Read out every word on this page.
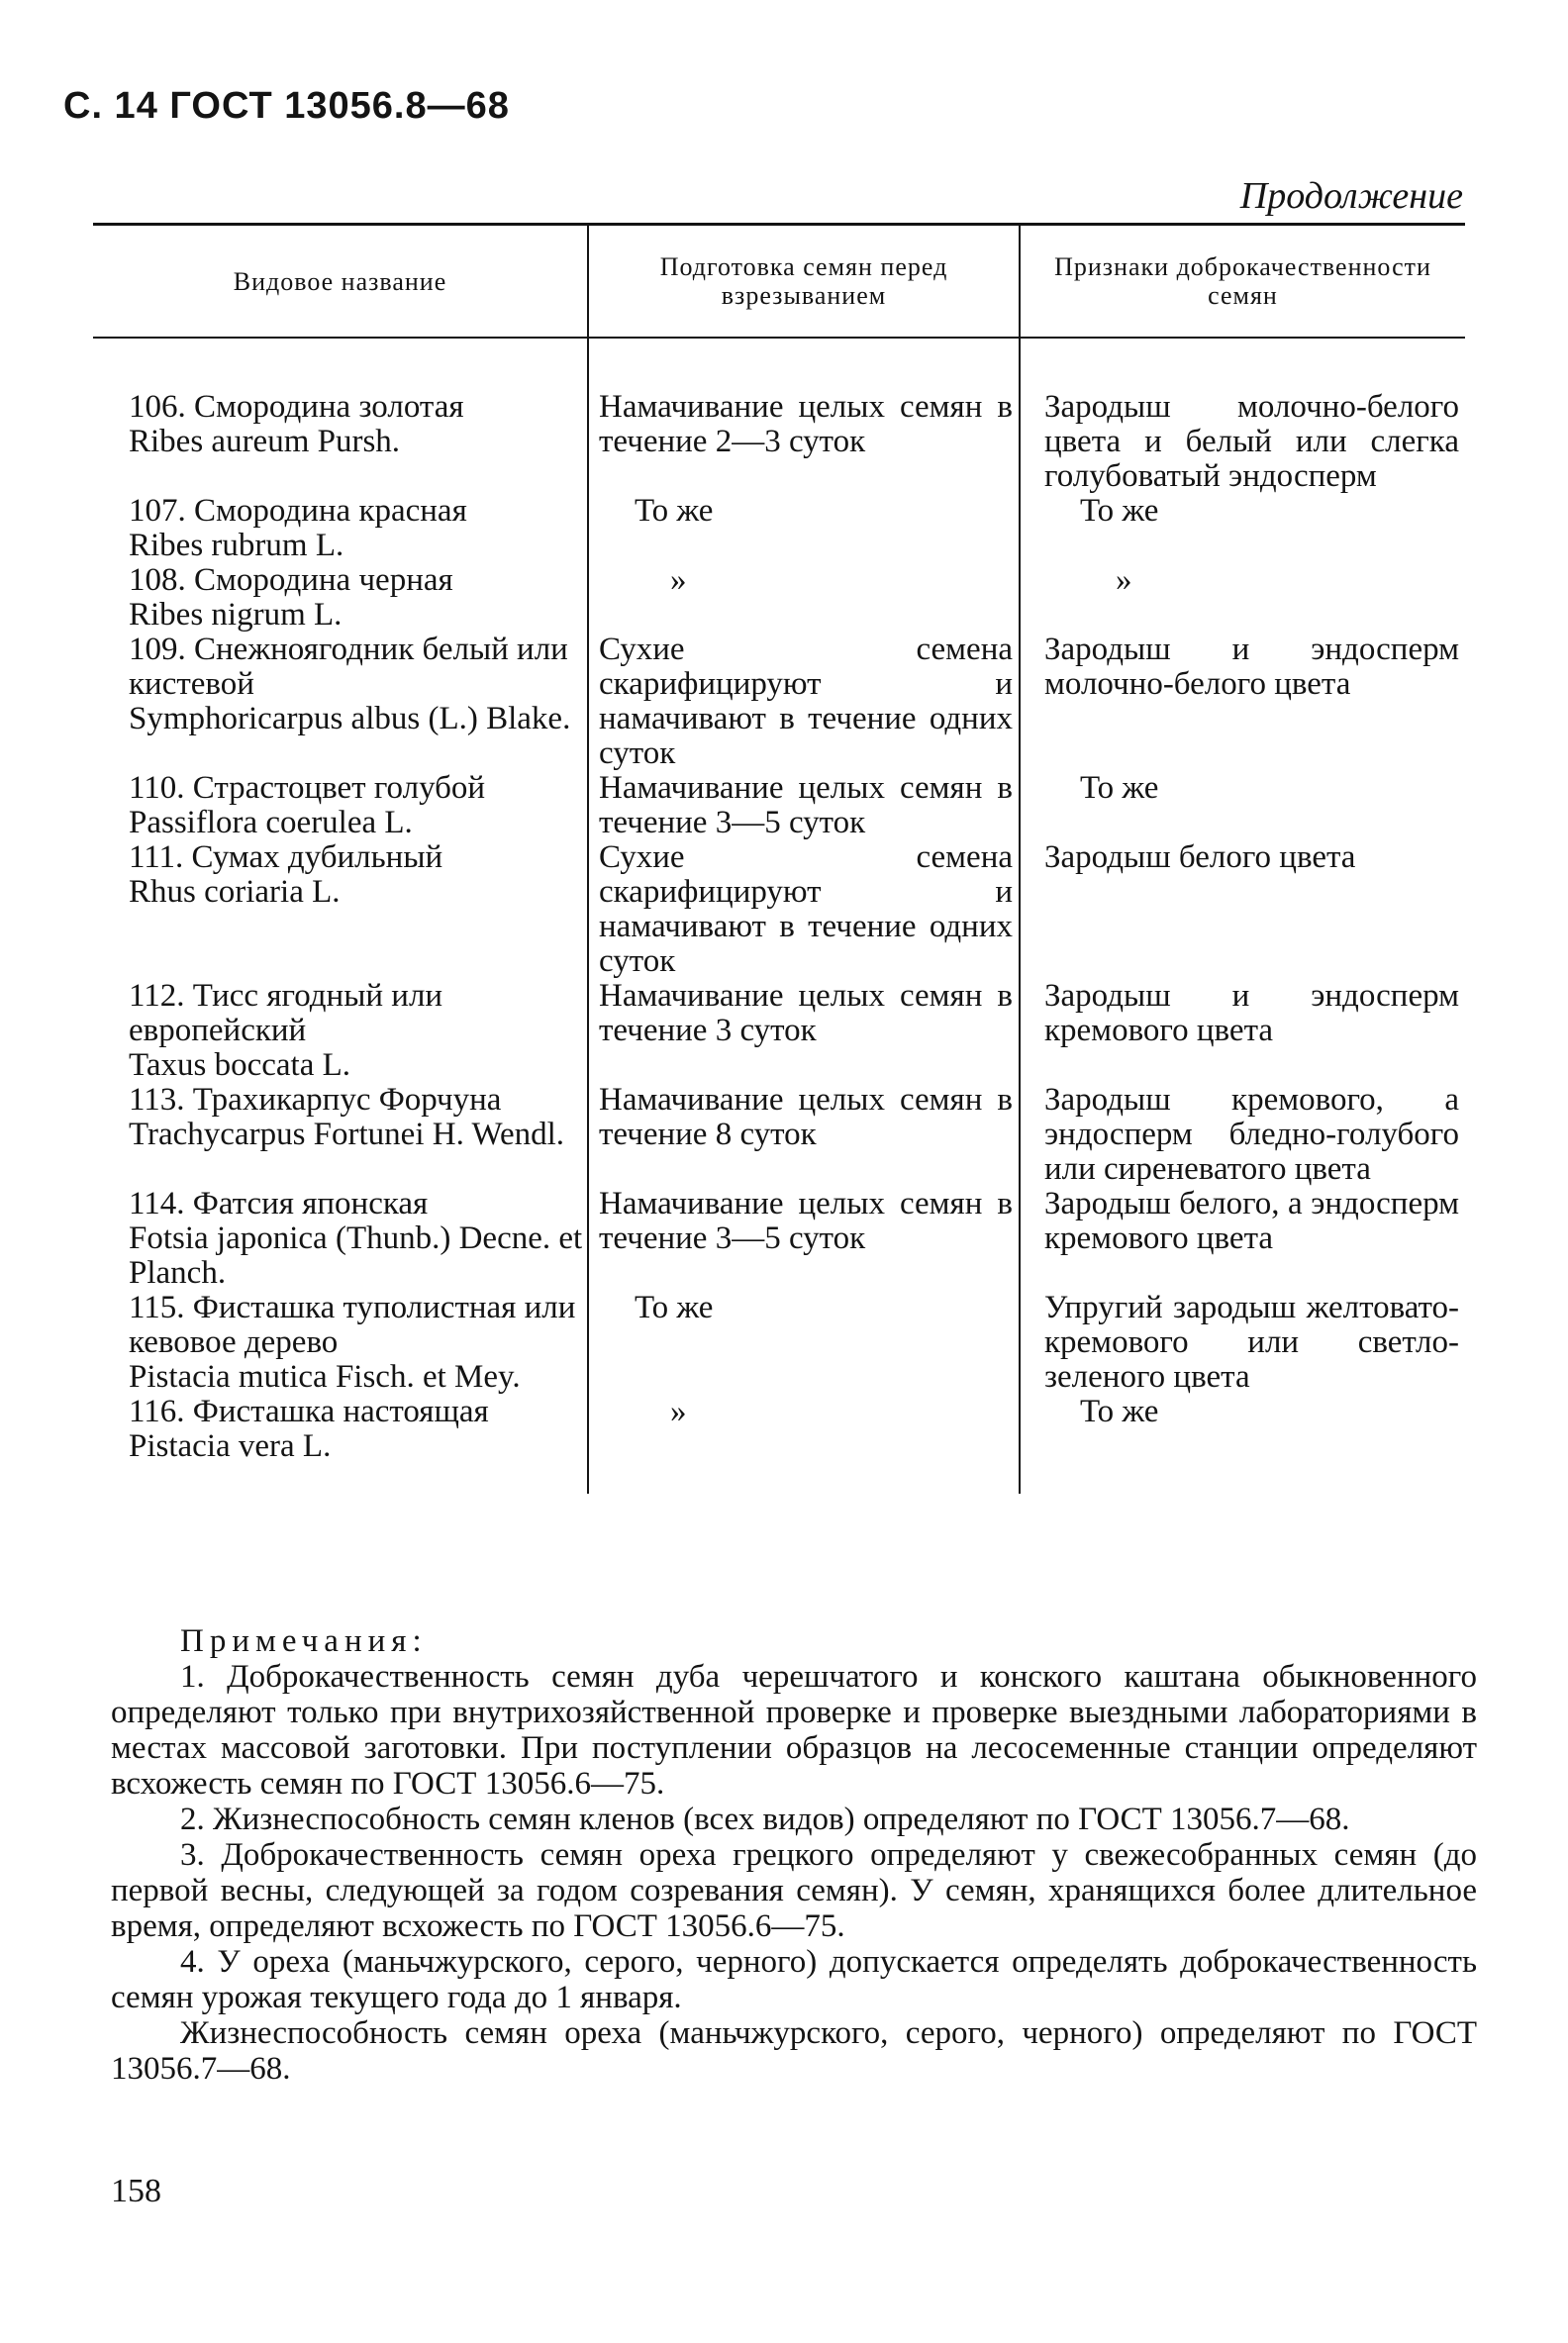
С. 14 ГОСТ 13056.8—68
Продолжение
Видовое название	Подготовка семян перед взрезыванием	Признаки доброкачественности семян

106. Смородина золотая
Ribes aureum Pursh.	Намачивание целых семян в течение 2—3 суток	Зародыш молочно-белого цвета и белый или слегка голубоватый эндосперм

107. Смородина красная
Ribes rubrum L.	То же	То же

108. Смородина черная
Ribes nigrum L.	»	»

109. Снежноягодник белый или кистевой
Symphoricarpus albus (L.) Blake.	Сухие семена скарифицируют и намачивают в течение одних суток	Зародыш и эндосперм молочно-белого цвета

110. Страстоцвет голубой
Passiflora coerulea L.	Намачивание целых семян в течение 3—5 суток	То же

111. Сумах дубильный
Rhus coriaria L.	Сухие семена скарифицируют и намачивают в течение одних суток	Зародыш белого цвета

112. Тисс ягодный или европейский
Taxus boccata L.	Намачивание целых семян в течение 3 суток	Зародыш и эндосперм кремового цвета

113. Трахикарпус Форчуна
Trachycarpus Fortunei H. Wendl.	Намачивание целых семян в течение 8 суток	Зародыш кремового, а эндосперм бледно-голубого или сиреневатого цвета

114. Фатсия японская
Fotsia japonica (Thunb.) Decne. et Planch.	Намачивание целых семян в течение 3—5 суток	Зародыш белого, а эндосперм кремового цвета

115. Фисташка туполистная или кевовое дерево
Pistacia mutica Fisch. et Mey.	То же	Упругий зародыш желтовато-кремового или светло-зеленого цвета

116. Фисташка настоящая
Pistacia vera L.	»	То же
Примечания:

1. Доброкачественность семян дуба черешчатого и конского каштана обыкновенного определяют только при внутрихозяйственной проверке и проверке выездными лабораториями в местах массовой заготовки. При поступлении образцов на лесосеменные станции определяют всхожесть семян по ГОСТ 13056.6—75.

2. Жизнеспособность семян кленов (всех видов) определяют по ГОСТ 13056.7—68.

3. Доброкачественность семян ореха грецкого определяют у свежесобранных семян (до первой весны, следующей за годом созревания семян). У семян, хранящихся более длительное время, определяют всхожесть по ГОСТ 13056.6—75.

4. У ореха (маньчжурского, серого, черного) допускается определять доброкачественность семян урожая текущего года до 1 января.

Жизнеспособность семян ореха (маньчжурского, серого, черного) определяют по ГОСТ 13056.7—68.

158
